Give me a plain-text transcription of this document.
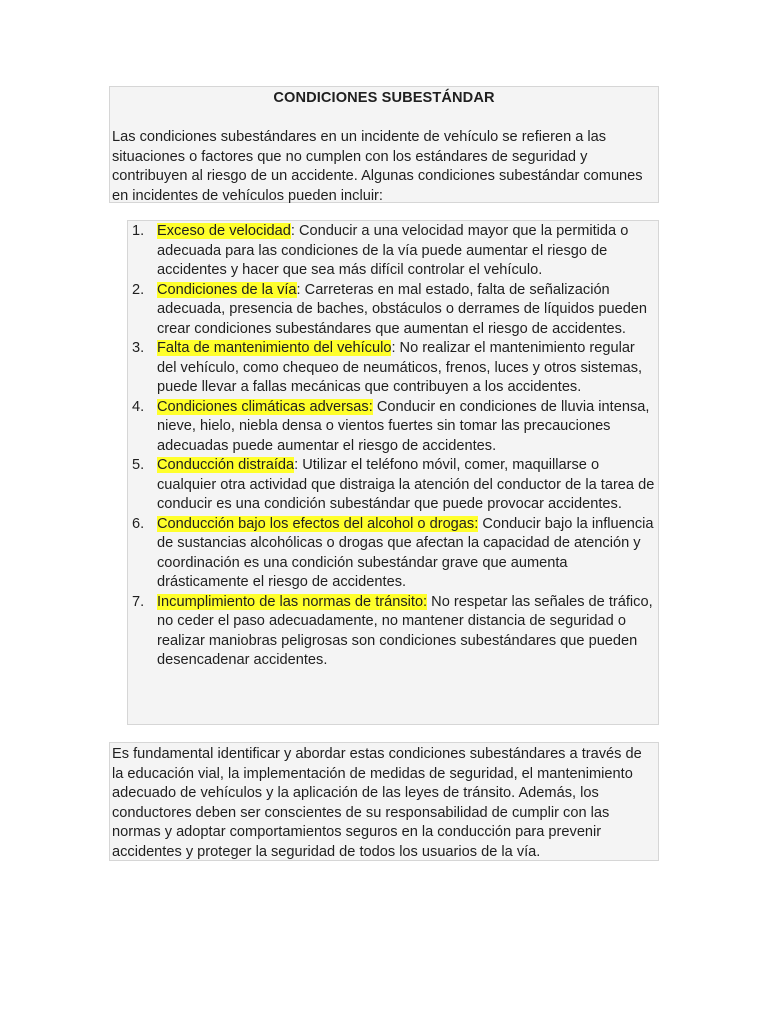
CONDICIONES SUBESTÁNDAR

Las condiciones subestándares en un incidente de vehículo se refieren a las situaciones o factores que no cumplen con los estándares de seguridad y contribuyen al riesgo de un accidente. Algunas condiciones subestándar comunes en incidentes de vehículos pueden incluir:

1. Exceso de velocidad: Conducir a una velocidad mayor que la permitida o adecuada para las condiciones de la vía puede aumentar el riesgo de accidentes y hacer que sea más difícil controlar el vehículo.
2. Condiciones de la vía: Carreteras en mal estado, falta de señalización adecuada, presencia de baches, obstáculos o derrames de líquidos pueden crear condiciones subestándares que aumentan el riesgo de accidentes.
3. Falta de mantenimiento del vehículo: No realizar el mantenimiento regular del vehículo, como chequeo de neumáticos, frenos, luces y otros sistemas, puede llevar a fallas mecánicas que contribuyen a los accidentes.
4. Condiciones climáticas adversas: Conducir en condiciones de lluvia intensa, nieve, hielo, niebla densa o vientos fuertes sin tomar las precauciones adecuadas puede aumentar el riesgo de accidentes.
5. Conducción distraída: Utilizar el teléfono móvil, comer, maquillarse o cualquier otra actividad que distraiga la atención del conductor de la tarea de conducir es una condición subestándar que puede provocar accidentes.
6. Conducción bajo los efectos del alcohol o drogas: Conducir bajo la influencia de sustancias alcohólicas o drogas que afectan la capacidad de atención y coordinación es una condición subestándar grave que aumenta drásticamente el riesgo de accidentes.
7. Incumplimiento de las normas de tránsito: No respetar las señales de tráfico, no ceder el paso adecuadamente, no mantener distancia de seguridad o realizar maniobras peligrosas son condiciones subestándares que pueden desencadenar accidentes.

Es fundamental identificar y abordar estas condiciones subestándares a través de la educación vial, la implementación de medidas de seguridad, el mantenimiento adecuado de vehículos y la aplicación de las leyes de tránsito. Además, los conductores deben ser conscientes de su responsabilidad de cumplir con las normas y adoptar comportamientos seguros en la conducción para prevenir accidentes y proteger la seguridad de todos los usuarios de la vía.
